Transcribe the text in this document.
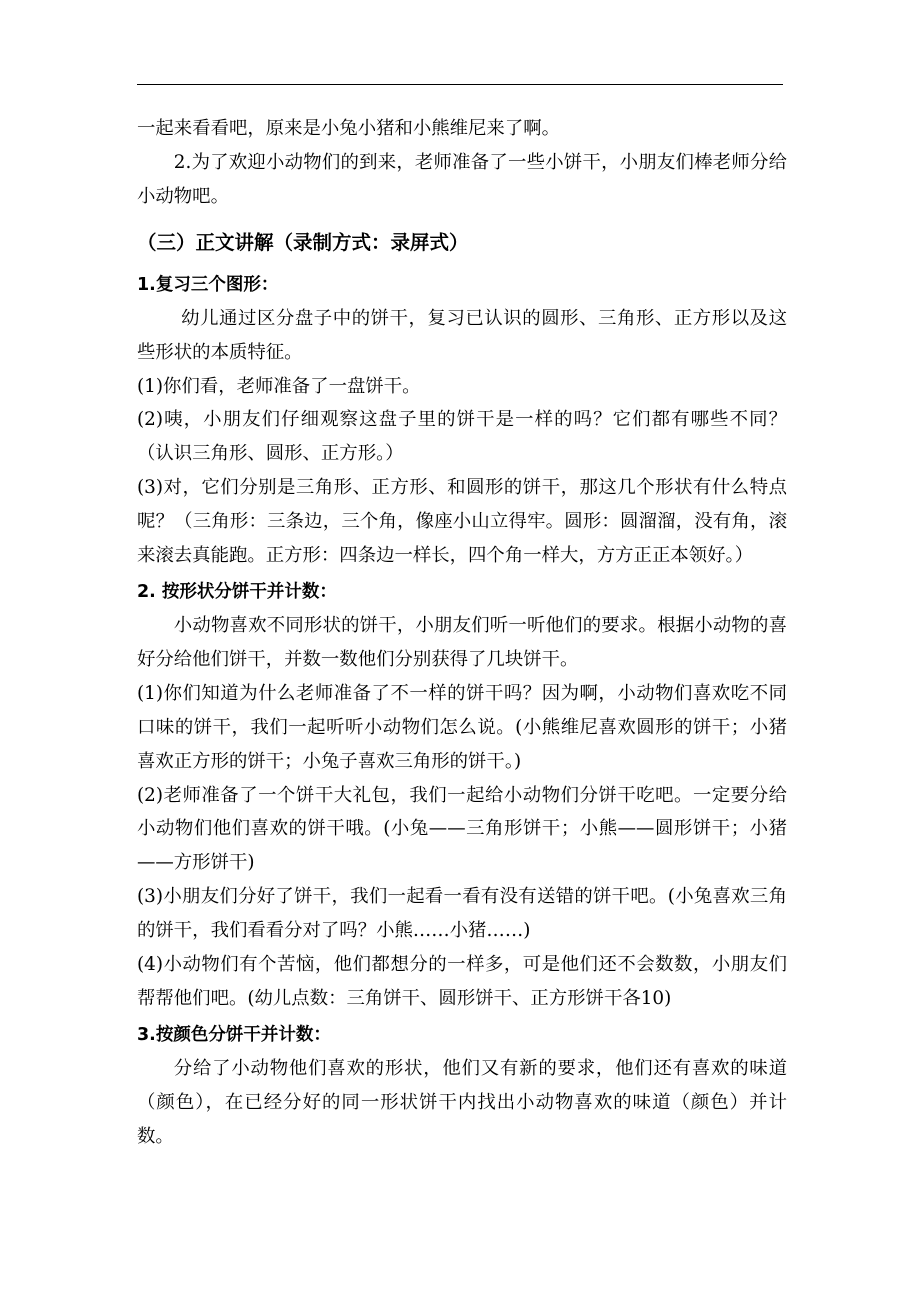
一起来看看吧，原来是小兔小猪和小熊维尼来了啊。

2.为了欢迎小动物们的到来，老师准备了一些小饼干，小朋友们棒老师分给小动物吧。

（三）正文讲解（录制方式：录屏式）

1.复习三个图形：

幼儿通过区分盘子中的饼干，复习已认识的圆形、三角形、正方形以及这些形状的本质特征。

(1)你们看，老师准备了一盘饼干。

(2)咦，小朋友们仔细观察这盘子里的饼干是一样的吗？它们都有哪些不同？（认识三角形、圆形、正方形。）

(3)对，它们分别是三角形、正方形、和圆形的饼干，那这几个形状有什么特点呢？（三角形：三条边，三个角，像座小山立得牢。圆形：圆溜溜，没有角，滚来滚去真能跑。正方形：四条边一样长，四个角一样大，方方正正本领好。）

2. 按形状分饼干并计数：

小动物喜欢不同形状的饼干，小朋友们听一听他们的要求。根据小动物的喜好分给他们饼干，并数一数他们分别获得了几块饼干。

(1)你们知道为什么老师准备了不一样的饼干吗？因为啊，小动物们喜欢吃不同口味的饼干，我们一起听听小动物们怎么说。(小熊维尼喜欢圆形的饼干；小猪喜欢正方形的饼干；小兔子喜欢三角形的饼干。)

(2)老师准备了一个饼干大礼包，我们一起给小动物们分饼干吃吧。一定要分给小动物们他们喜欢的饼干哦。(小兔——三角形饼干；小熊——圆形饼干；小猪——方形饼干)

(3)小朋友们分好了饼干，我们一起看一看有没有送错的饼干吧。(小兔喜欢三角的饼干，我们看看分对了吗？小熊……小猪……)

(4)小动物们有个苦恼，他们都想分的一样多，可是他们还不会数数，小朋友们帮帮他们吧。(幼儿点数：三角饼干、圆形饼干、正方形饼干各10)

3.按颜色分饼干并计数：

分给了小动物他们喜欢的形状，他们又有新的要求，他们还有喜欢的味道（颜色），在已经分好的同一形状饼干内找出小动物喜欢的味道（颜色）并计数。
